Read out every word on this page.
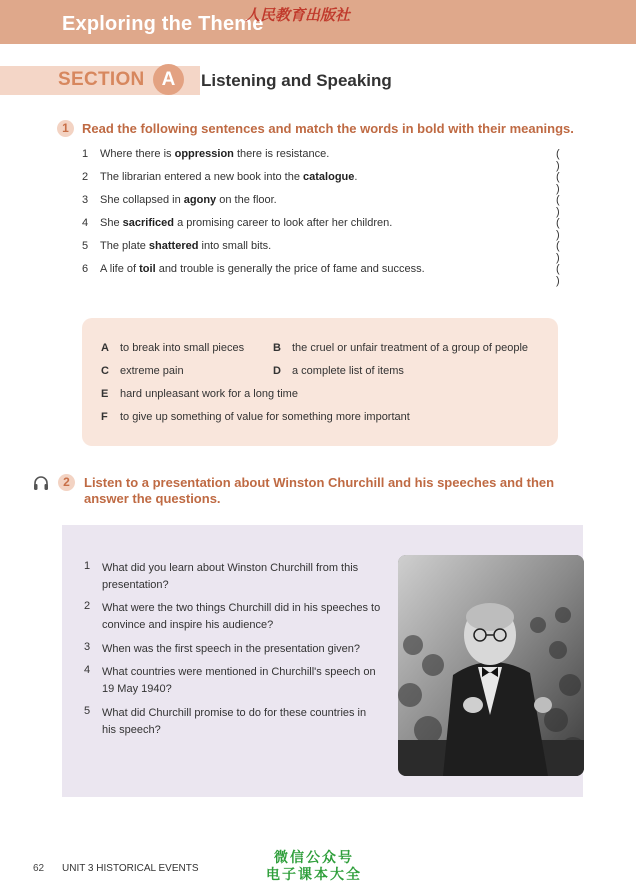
Exploring the Theme
人民教育出版社
SECTION A	Listening and Speaking
1	Read the following sentences and match the words in bold with their meanings.
1 Where there is oppression there is resistance.	( )
2 The librarian entered a new book into the catalogue.	( )
3 She collapsed in agony on the floor.	( )
4 She sacrificed a promising career to look after her children.	( )
5 The plate shattered into small bits.	( )
6 A life of toil and trouble is generally the price of fame and success.	( )
A to break into small pieces	B the cruel or unfair treatment of a group of people
C extreme pain	D a complete list of items
E hard unpleasant work for a long time
F to give up something of value for something more important
2	Listen to a presentation about Winston Churchill and his speeches and then
answer the questions.
1 What did you learn about Winston Churchill from this presentation?
2 What were the two things Churchill did in his speeches to convince and inspire his audience?
3 When was the first speech in the presentation given?
4 What countries were mentioned in Churchill's speech on 19 May 1940?
5 What did Churchill promise to do for these countries in his speech?
62 UNIT 3 HISTORICAL EVENTS
微信公众号
电子课本大全
